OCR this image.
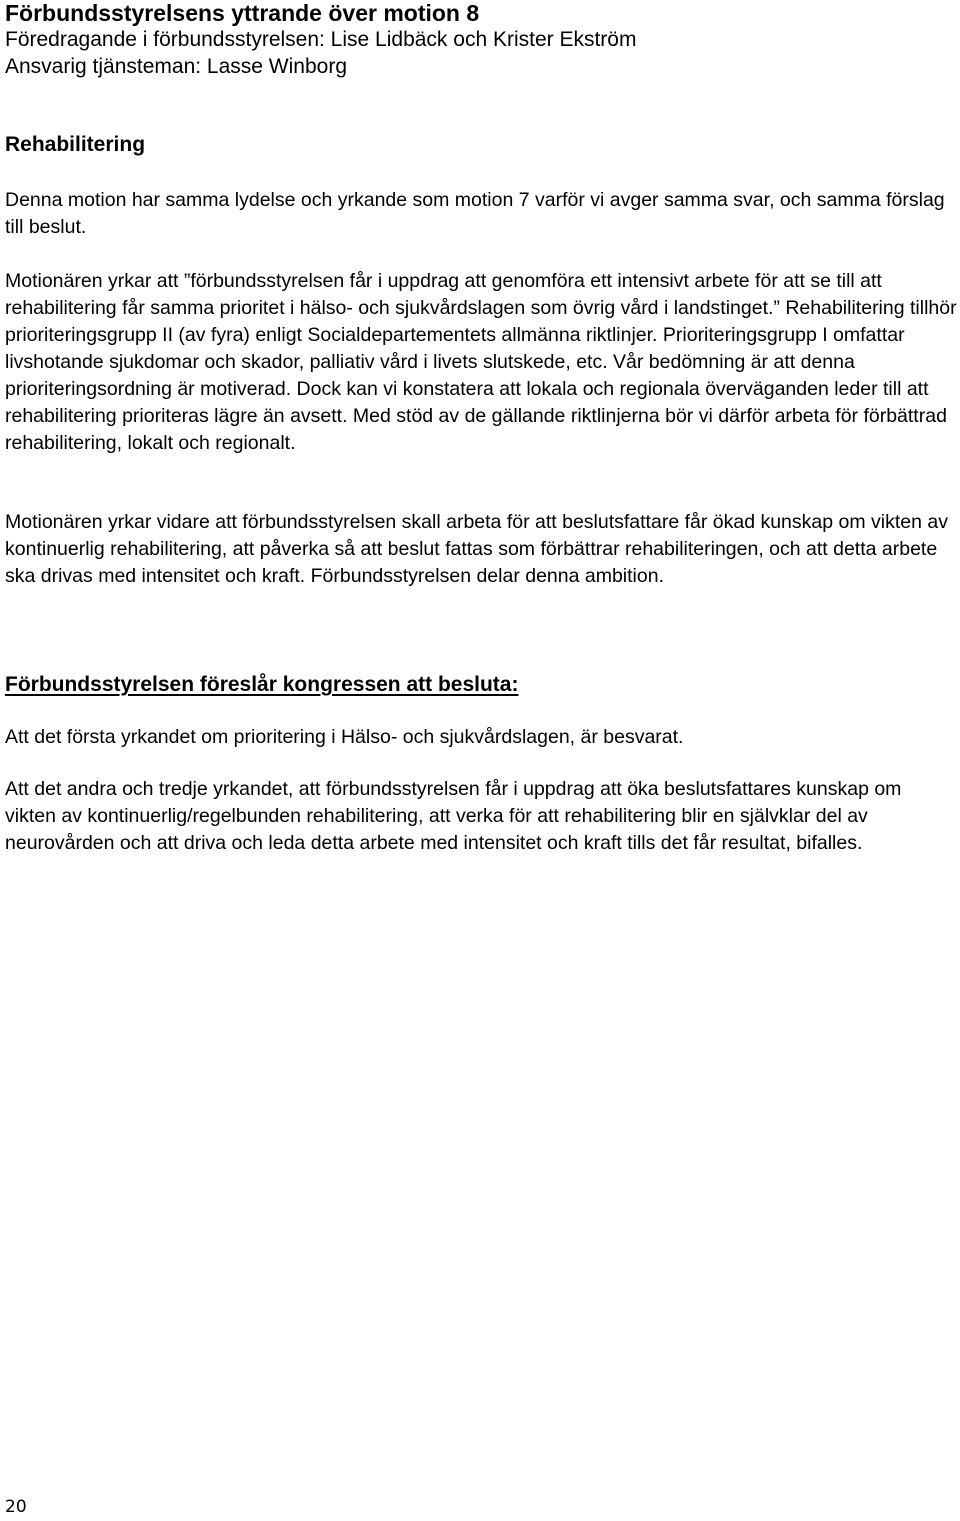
Förbundsstyrelsens yttrande över motion 8

Föredragande i förbundsstyrelsen: Lise Lidbäck och Krister Ekström

Ansvarig tjänsteman: Lasse Winborg

Rehabilitering

Denna motion har samma lydelse och yrkande som motion 7 varför vi avger samma svar, och samma förslag till beslut.

Motionären yrkar att ”förbundsstyrelsen får i uppdrag att genomföra ett intensivt arbete för att se till att rehabilitering får samma prioritet i hälso- och sjukvårdslagen som övrig vård i landstinget.” Rehabilitering tillhör prioriteringsgrupp II (av fyra) enligt Socialdepartementets allmänna riktlinjer. Prioriteringsgrupp I omfattar livshotande sjukdomar och skador, palliativ vård i livets slutskede, etc. Vår bedömning är att denna prioriteringsordning är motiverad. Dock kan vi konstatera att lokala och regionala överväganden leder till att rehabilitering prioriteras lägre än avsett. Med stöd av de gällande riktlinjerna bör vi därför arbeta för förbättrad rehabilitering, lokalt och regionalt.

Motionären yrkar vidare att förbundsstyrelsen skall arbeta för att beslutsfattare får ökad kunskap om vikten av kontinuerlig rehabilitering, att påverka så att beslut fattas som förbättrar rehabiliteringen, och att detta arbete ska drivas med intensitet och kraft. Förbundsstyrelsen delar denna ambition.

Förbundsstyrelsen föreslår kongressen att besluta:

Att det första yrkandet om prioritering i Hälso- och sjukvårdslagen, är besvarat.

Att det andra och tredje yrkandet, att förbundsstyrelsen får i uppdrag att öka beslutsfattares kunskap om vikten av kontinuerlig/regelbunden rehabilitering, att verka för att rehabilitering blir en självklar del av neurovården och att driva och leda detta arbete med intensitet och kraft tills det får resultat, bifalles.

20
